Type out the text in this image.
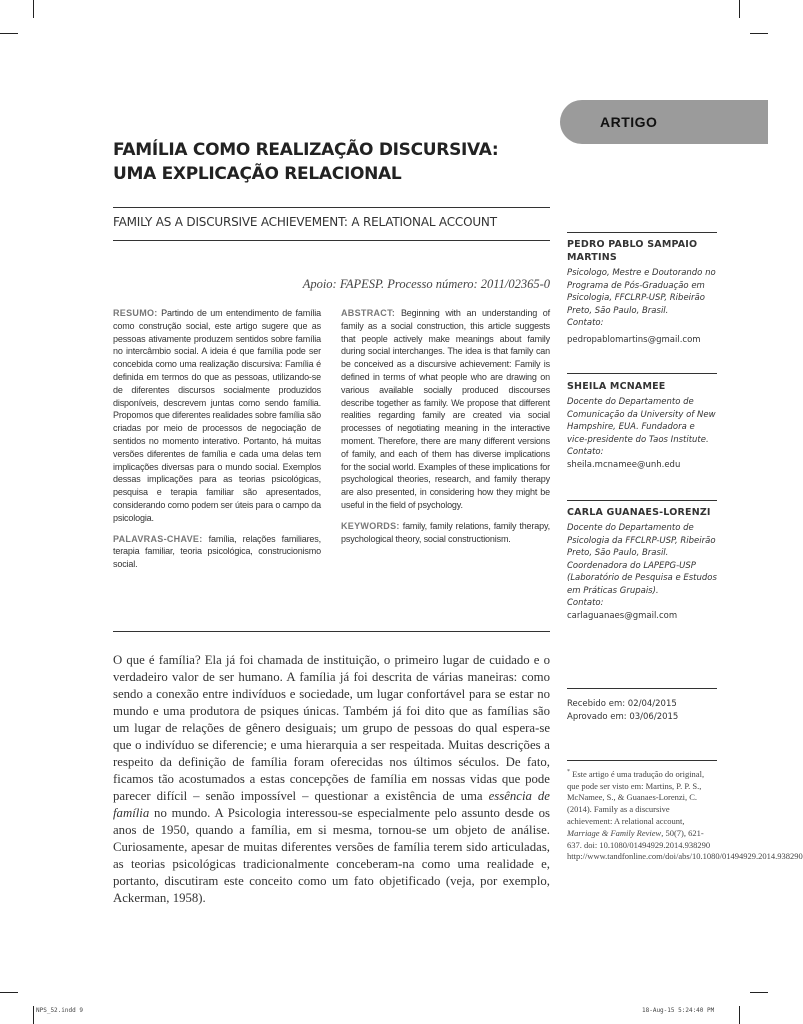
ARTIGO
FAMÍLIA COMO REALIZAÇÃO DISCURSIVA:
UMA EXPLICAÇÃO RELACIONAL
FAMILY AS A DISCURSIVE ACHIEVEMENT: A RELATIONAL ACCOUNT
Apoio: FAPESP. Processo número: 2011/02365-0

RESUMO: Partindo de um entendimento de família como construção social, este artigo sugere que as pessoas ativamente produzem sentidos sobre família no intercâmbio social. A ideia é que família pode ser concebida como uma realização discursiva: Família é definida em termos do que as pessoas, utilizando-se de diferentes discursos socialmente produzidos disponíveis, descrevem juntas como sendo família. Propomos que diferentes realidades sobre família são criadas por meio de processos de negociação de sentidos no momento interativo. Portanto, há muitas versões diferentes de família e cada uma delas tem implicações diversas para o mundo social. Exemplos dessas implicações para as teorias psicológicas, pesquisa e terapia familiar são apresentados, considerando como podem ser úteis para o campo da psicologia.

PALAVRAS-CHAVE: família, relações familiares, terapia familiar, teoria psicológica, construcionismo social.

ABSTRACT: Beginning with an understanding of family as a social construction, this article suggests that people actively make meanings about family during social interchanges. The idea is that family can be conceived as a discursive achievement: Family is defined in terms of what people who are drawing on various available socially produced discourses describe together as family. We propose that different realities regarding family are created via social processes of negotiating meaning in the interactive moment. Therefore, there are many different versions of family, and each of them has diverse implications for the social world. Examples of these implications for psychological theories, research, and family therapy are also presented, in considering how they might be useful in the field of psychology.

KEYWORDS: family, family relations, family therapy, psychological theory, social constructionism.

O que é família? Ela já foi chamada de instituição, o primeiro lugar de cuidado e o verdadeiro valor de ser humano. A família já foi descrita de várias maneiras: como sendo a conexão entre indivíduos e sociedade, um lugar confortável para se estar no mundo e uma produtora de psiques únicas. Também já foi dito que as famílias são um lugar de relações de gênero desiguais; um grupo de pessoas do qual espera-se que o indivíduo se diferencie; e uma hierarquia a ser respeitada. Muitas descrições a respeito da definição de família foram oferecidas nos últimos séculos. De fato, ficamos tão acostumados a estas concepções de família em nossas vidas que pode parecer difícil – senão impossível – questionar a existência de uma essência de família no mundo. A Psicologia interessou-se especialmente pelo assunto desde os anos de 1950, quando a família, em si mesma, tornou-se um objeto de análise. Curiosamente, apesar de muitas diferentes versões de família terem sido articuladas, as teorias psicológicas tradicionalmente conceberam-na como uma realidade e, portanto, discutiram este conceito como um fato objetificado (veja, por exemplo, Ackerman, 1958).
PEDRO PABLO SAMPAIO MARTINS
Psicologo, Mestre e Doutorando no Programa de Pós-Graduação em Psicologia, FFCLRP-USP, Ribeirão Preto, São Paulo, Brasil.
Contato:
pedropablomartins@gmail.com
SHEILA MCNAMEE
Docente do Departamento de Comunicação da University of New Hampshire, EUA. Fundadora e vice-presidente do Taos Institute.
Contato:
sheila.mcnamee@unh.edu
CARLA GUANAES-LORENZI
Docente do Departamento de Psicologia da FFCLRP-USP, Ribeirão Preto, São Paulo, Brasil. Coordenadora do LAPEPG-USP (Laboratório de Pesquisa e Estudos em Práticas Grupais).
Contato:
carlaguanaes@gmail.com
Recebido em: 02/04/2015
Aprovado em: 03/06/2015
* Este artigo é uma tradução do original, que pode ser visto em: Martins, P. P. S., McNamee, S., & Guanaes-Lorenzi, C. (2014). Family as a discursive achievement: A relational account, Marriage & Family Review, 50(7), 621-637. doi: 10.1080/01494929.2014.938290 http://www.tandfonline.com/doi/abs/10.1080/01494929.2014.938290
NPS_52.indd 9	18-Aug-15 5:24:40 PM
